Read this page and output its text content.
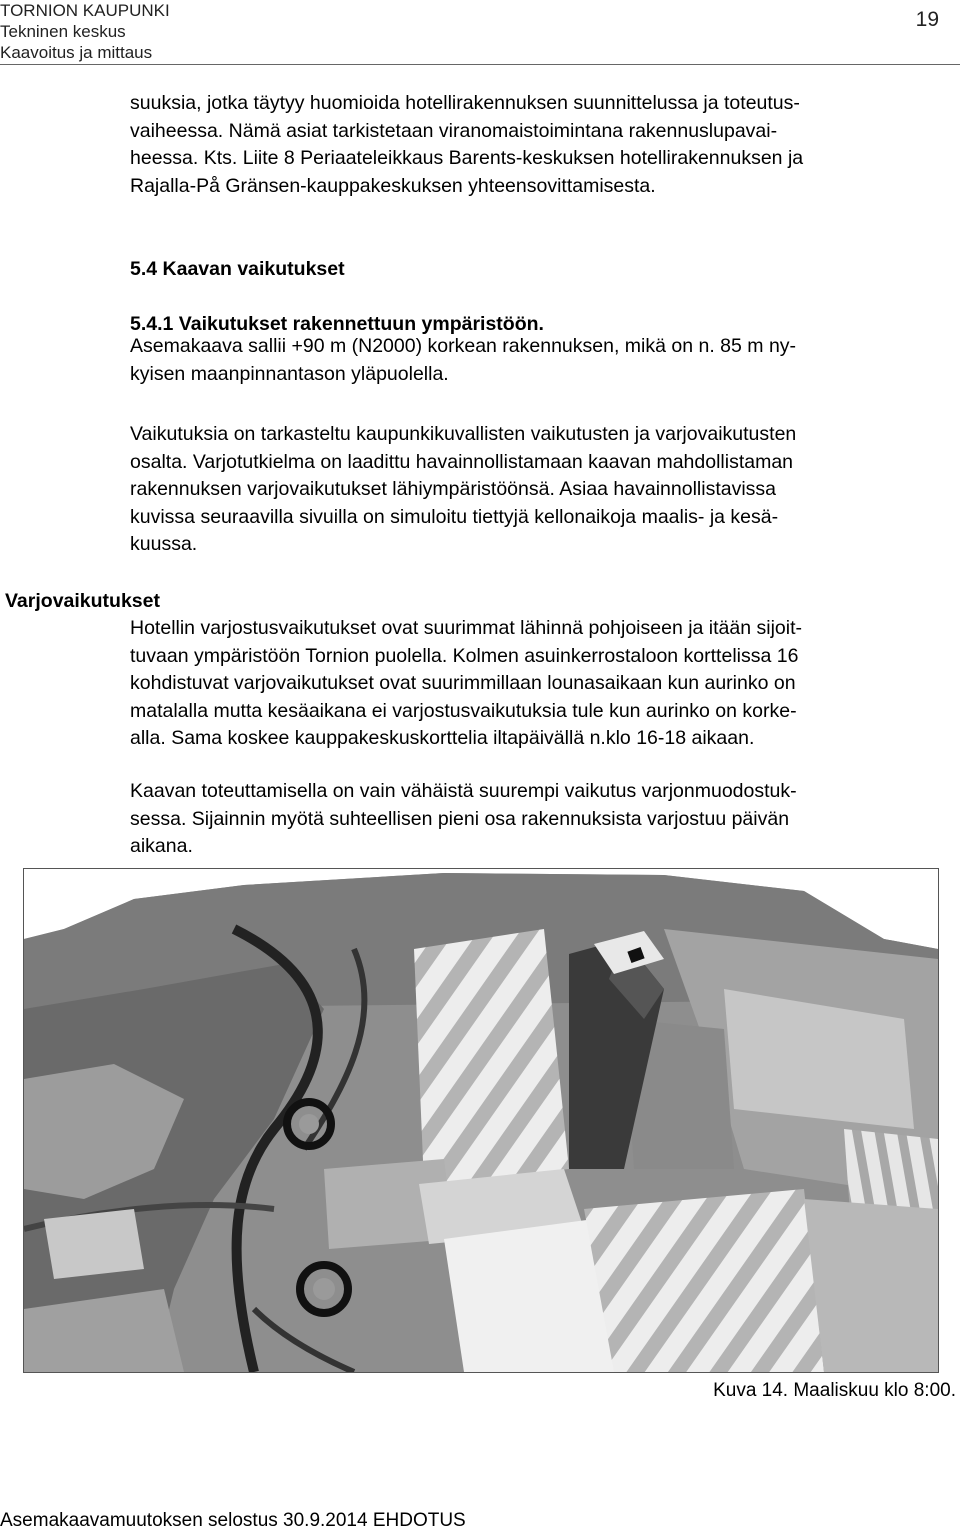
TORNION KAUPUNKI
Tekninen keskus
Kaavoitus ja mittaus
19
suuksia, jotka täytyy huomioida hotellirakennuksen suunnittelussa ja toteutus-
vaiheessa. Nämä asiat tarkistetaan viranomaistoimintana rakennuslupavai-
heessa. Kts. Liite 8 Periaateleikkaus Barents-keskuksen hotellirakennuksen ja
Rajalla-På Gränsen-kauppakeskuksen yhteensovittamisesta.
5.4 Kaavan vaikutukset
5.4.1 Vaikutukset rakennettuun ympäristöön.
Asemakaava sallii +90 m (N2000) korkean rakennuksen, mikä on n. 85 m ny-
kyisen maanpinnantason yläpuolella.
Vaikutuksia on tarkasteltu kaupunkikuvallisten vaikutusten ja varjovaikutusten
osalta. Varjotutkielma on laadittu havainnollistamaan kaavan mahdollistaman
rakennuksen varjovaikutukset lähiympäristöönsä. Asiaa havainnollistavissa
kuvissa seuraavilla sivuilla on simuloitu tiettyjä kellonaikoja maalis- ja kesä-
kuussa.
Varjovaikutukset
Hotellin varjostusvaikutukset ovat suurimmat lähinnä pohjoiseen ja itään sijoit-
tuvaan ympäristöön Tornion puolella. Kolmen asuinkerrostaloon korttelissa 16
kohdistuvat varjovaikutukset ovat suurimmillaan lounasaikaan kun aurinko on
matalalla mutta kesäaikana ei varjostusvaikutuksia tule kun aurinko on korke-
alla. Sama koskee kauppakeskuskorttelia iltapäivällä n.klo 16-18 aikaan.
Kaavan toteuttamisella on vain vähäistä suurempi vaikutus varjonmuodostuk-
sessa. Sijainnin myötä suhteellisen pieni osa rakennuksista varjostuu päivän
aikana.
Kuva 14. Maaliskuu klo 8:00.
Asemakaavamuutoksen selostus 30.9.2014 EHDOTUS
